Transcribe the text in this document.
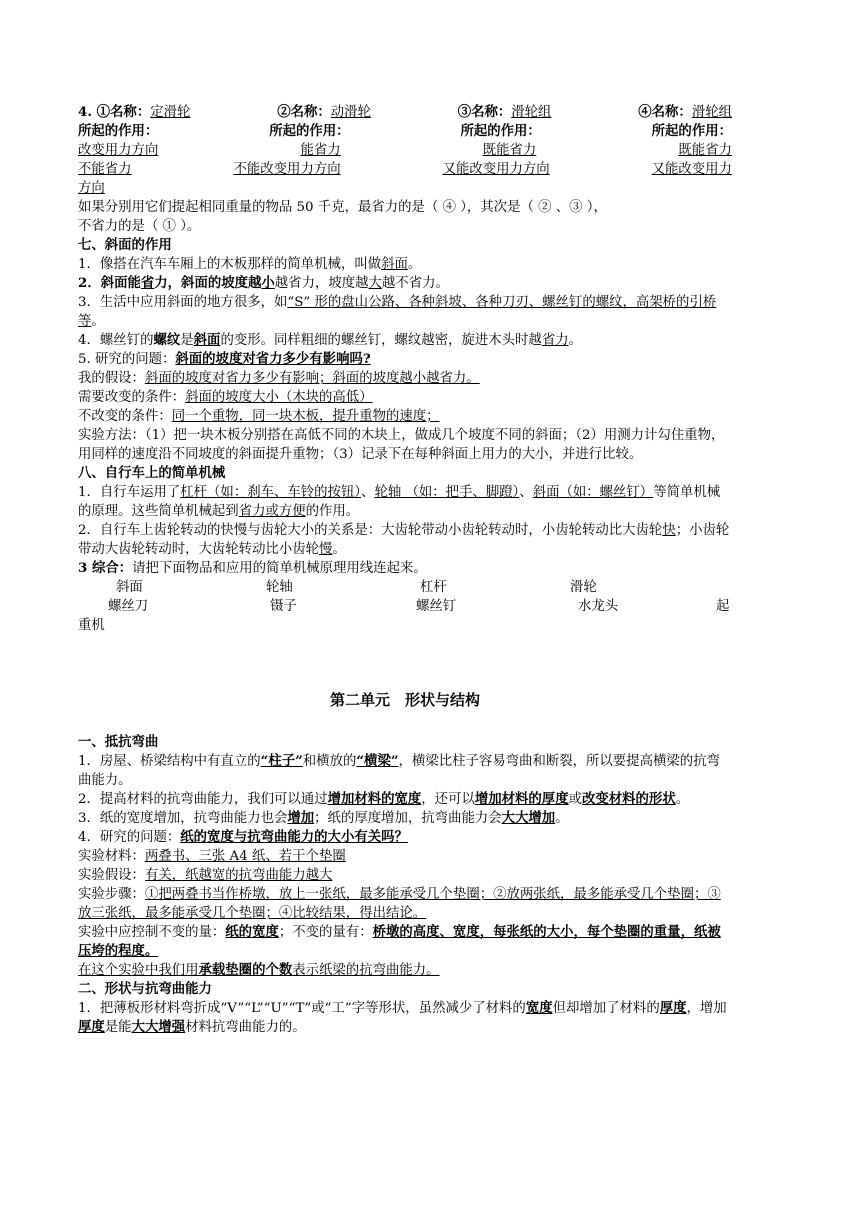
4. ①名称：定滑轮	②名称：动滑轮	③名称：滑轮组	④名称：滑轮组
所起的作用：	所起的作用：	所起的作用：	所起的作用：
改变用力方向	能省力	既能省力	既能省力
不能省力	不能改变用力方向	又能改变用力方向	又能改变用力
方向
如果分别用它们提起相同重量的物品 50 千克，最省力的是（ ④ ），其次是（ ② 、③ ），
不省力的是（ ① ）。
七、斜面的作用
1．像搭在汽车车厢上的木板那样的简单机械，叫做斜面。
2．斜面能省力，斜面的坡度越小越省力，坡度越大越不省力。
3．生活中应用斜面的地方很多，如“S” 形的盘山公路、各种斜坡、各种刀刃、螺丝钉的螺纹，高架桥的引桥等。
4．螺丝钉的螺纹是斜面的变形。同样粗细的螺丝钉，螺纹越密，旋进木头时越省力。
5. 研究的问题：斜面的坡度对省力多少有影响吗?
我的假设：斜面的坡度对省力多少有影响；斜面的坡度越小越省力。
需要改变的条件：斜面的坡度大小（木块的高低）
不改变的条件：同一个重物，同一块木板，提升重物的速度；
实验方法：（1）把一块木板分别搭在高低不同的木块上，做成几个坡度不同的斜面；（2）用测力计勾住重物，用同样的速度沿不同坡度的斜面提升重物；（3）记录下在每种斜面上用力的大小，并进行比较。
八、自行车上的简单机械
1．自行车运用了杠杆（如：刹车、车铃的按钮）、轮轴 （如：把手、脚蹬）、斜面（如：螺丝钉）等简单机械的原理。这些简单机械起到省力或方便的作用。
2．自行车上齿轮转动的快慢与齿轮大小的关系是：大齿轮带动小齿轮转动时，小齿轮转动比大齿轮快；小齿轮带动大齿轮转动时，大齿轮转动比小齿轮慢。
3 综合：请把下面物品和应用的简单机械原理用线连起来。
斜面	轮轴	杠杆	滑轮
螺丝刀	镊子	螺丝钉	水龙头	起
重机
第二单元　形状与结构
一、抵抗弯曲
1．房屋、桥梁结构中有直立的“柱子”和横放的“横梁”，横梁比柱子容易弯曲和断裂，所以要提高横梁的抗弯曲能力。
2．提高材料的抗弯曲能力，我们可以通过增加材料的宽度，还可以增加材料的厚度或改变材料的形状。
3．纸的宽度增加，抗弯曲能力也会增加；纸的厚度增加，抗弯曲能力会大大增加。
4．研究的问题：纸的宽度与抗弯曲能力的大小有关吗？
实验材料：两叠书、三张 A4 纸、若干个垫圈
实验假设：有关，纸越宽的抗弯曲能力越大
实验步骤：①把两叠书当作桥墩，放上一张纸，最多能承受几个垫圈；②放两张纸，最多能承受几个垫圈；③放三张纸，最多能承受几个垫圈；④比较结果，得出结论。
实验中应控制不变的量：纸的宽度；不变的量有：桥墩的高度、宽度，每张纸的大小，每个垫圈的重量，纸被压垮的程度。
在这个实验中我们用承载垫圈的个数表示纸梁的抗弯曲能力。
二、形状与抗弯曲能力
1．把薄板形材料弯折成“V”“L”“U”“T”或“工”字等形状，虽然减少了材料的宽度但却增加了材料的厚度，增加厚度是能大大增强材料抗弯曲能力的。
